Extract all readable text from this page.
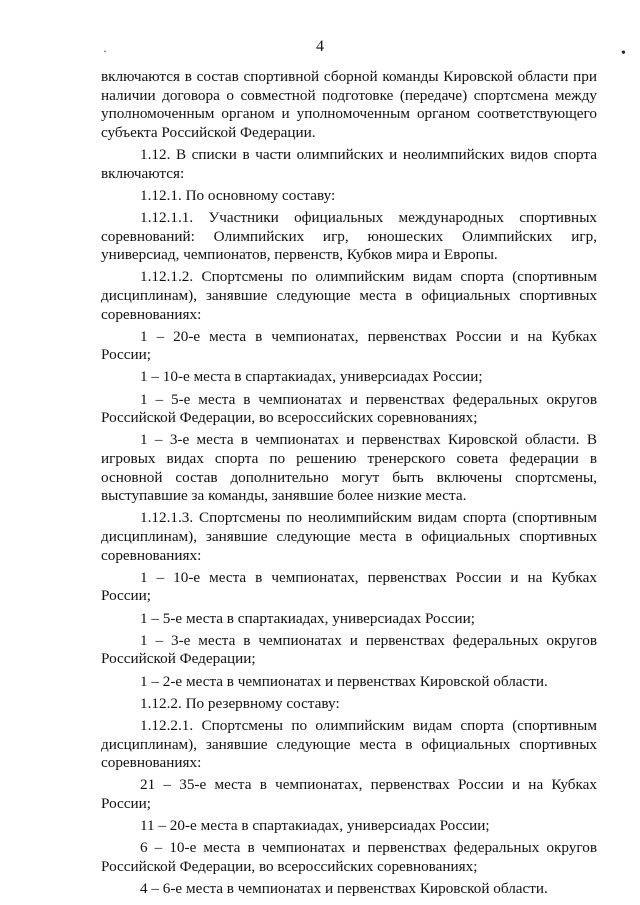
4
·	•

включаются в состав спортивной сборной команды Кировской области при наличии договора о совместной подготовке (передаче) спортсмена между уполномоченным органом и уполномоченным органом соответствующего субъекта Российской Федерации.

1.12. В списки в части олимпийских и неолимпийских видов спорта включаются:

1.12.1. По основному составу:

1.12.1.1. Участники официальных международных спортивных соревнований: Олимпийских игр, юношеских Олимпийских игр, универсиад, чемпионатов, первенств, Кубков мира и Европы.

1.12.1.2. Спортсмены по олимпийским видам спорта (спортивным дисциплинам), занявшие следующие места в официальных спортивных соревнованиях:

1 – 20-е места в чемпионатах, первенствах России и на Кубках России;

1 – 10-е места в спартакиадах, универсиадах России;

1 – 5-е места в чемпионатах и первенствах федеральных округов Российской Федерации, во всероссийских соревнованиях;

1 – 3-е места в чемпионатах и первенствах Кировской области. В игровых видах спорта по решению тренерского совета федерации в основной состав дополнительно могут быть включены спортсмены, выступавшие за команды, занявшие более низкие места.

1.12.1.3. Спортсмены по неолимпийским видам спорта (спортивным дисциплинам), занявшие следующие места в официальных спортивных соревнованиях:

1 – 10-е места в чемпионатах, первенствах России и на Кубках России;

1 – 5-е места в спартакиадах, универсиадах России;

1 – 3-е места в чемпионатах и первенствах федеральных округов Российской Федерации;

1 – 2-е места в чемпионатах и первенствах Кировской области.

1.12.2. По резервному составу:

1.12.2.1. Спортсмены по олимпийским видам спорта (спортивным дисциплинам), занявшие следующие места в официальных спортивных соревнованиях:

21 – 35-е места в чемпионатах, первенствах России и на Кубках России;

11 – 20-е места в спартакиадах, универсиадах России;

6 – 10-е места в чемпионатах и первенствах федеральных округов Российской Федерации, во всероссийских соревнованиях;

4 – 6-е места в чемпионатах и первенствах Кировской области.
